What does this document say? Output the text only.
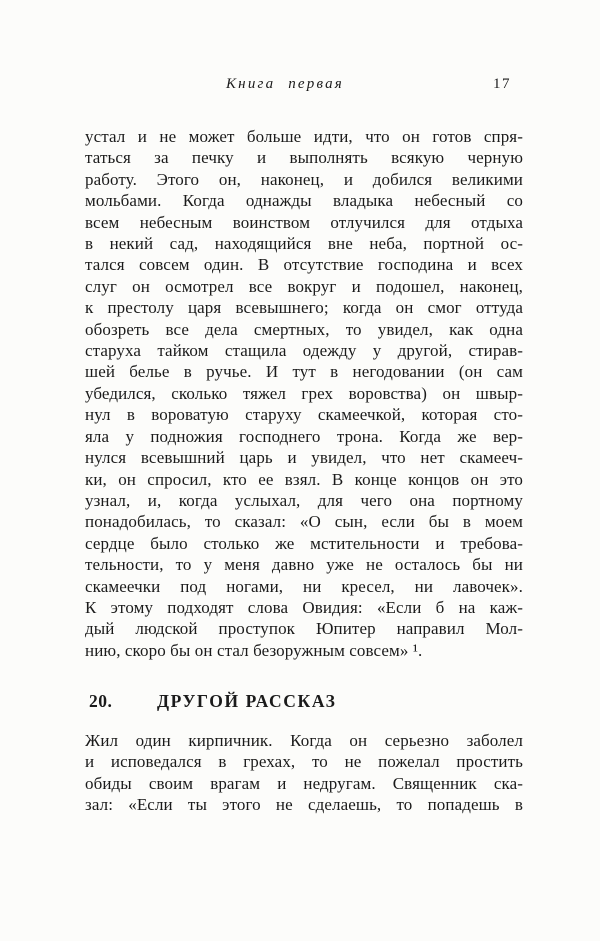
Книга первая	17
устал и не может больше идти, что он готов спря-
таться за печку и выполнять всякую черную
работу. Этого он, наконец, и добился великими
мольбами. Когда однажды владыка небесный со
всем небесным воинством отлучился для отдыха
в некий сад, находящийся вне неба, портной ос-
тался совсем один. В отсутствие господина и всех
слуг он осмотрел все вокруг и подошел, наконец,
к престолу царя всевышнего; когда он смог оттуда
обозреть все дела смертных, то увидел, как одна
старуха тайком стащила одежду у другой, стирав-
шей белье в ручье. И тут в негодовании (он сам
убедился, сколько тяжел грех воровства) он швыр-
нул в вороватую старуху скамеечкой, которая сто-
яла у подножия господнего трона. Когда же вер-
нулся всевышний царь и увидел, что нет скамееч-
ки, он спросил, кто ее взял. В конце концов он это
узнал, и, когда услыхал, для чего она портному
понадобилась, то сказал: «О сын, если бы в моем
сердце было столько же мстительности и требова-
тельности, то у меня давно уже не осталось бы ни
скамеечки под ногами, ни кресел, ни лавочек».
К этому подходят слова Овидия: «Если б на каж-
дый людской проступок Юпитер направил Мол-
нию, скоро бы он стал безоружным совсем» ¹.
20.	ДРУГОЙ РАССКАЗ
Жил один кирпичник. Когда он серьезно заболел
и исповедался в грехах, то не пожелал простить
обиды своим врагам и недругам. Священник ска-
зал: «Если ты этого не сделаешь, то попадешь в
